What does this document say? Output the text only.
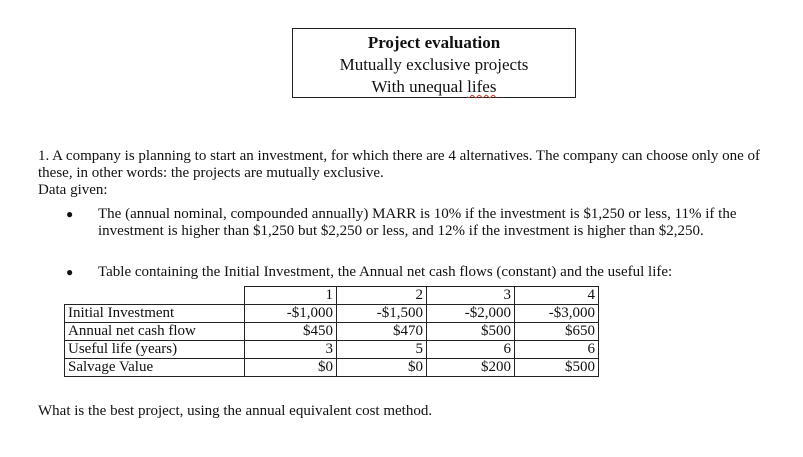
Project evaluation
Mutually exclusive projects
With unequal lifes
1. A company is planning to start an investment, for which there are 4 alternatives. The company can choose only one of these, in other words: the projects are mutually exclusive.
Data given:
● The (annual nominal, compounded annually) MARR is 10% if the investment is $1,250 or less, 11% if the investment is higher than $1,250 but $2,250 or less, and 12% if the investment is higher than $2,250.
● Table containing the Initial Investment, the Annual net cash flows (constant) and the useful life:
	1	2	3	4
Initial Investment	-$1,000	-$1,500	-$2,000	-$3,000
Annual net cash flow	$450	$470	$500	$650
Useful life (years)	3	5	6	6
Salvage Value	$0	$0	$200	$500
What is the best project, using the annual equivalent cost method.
